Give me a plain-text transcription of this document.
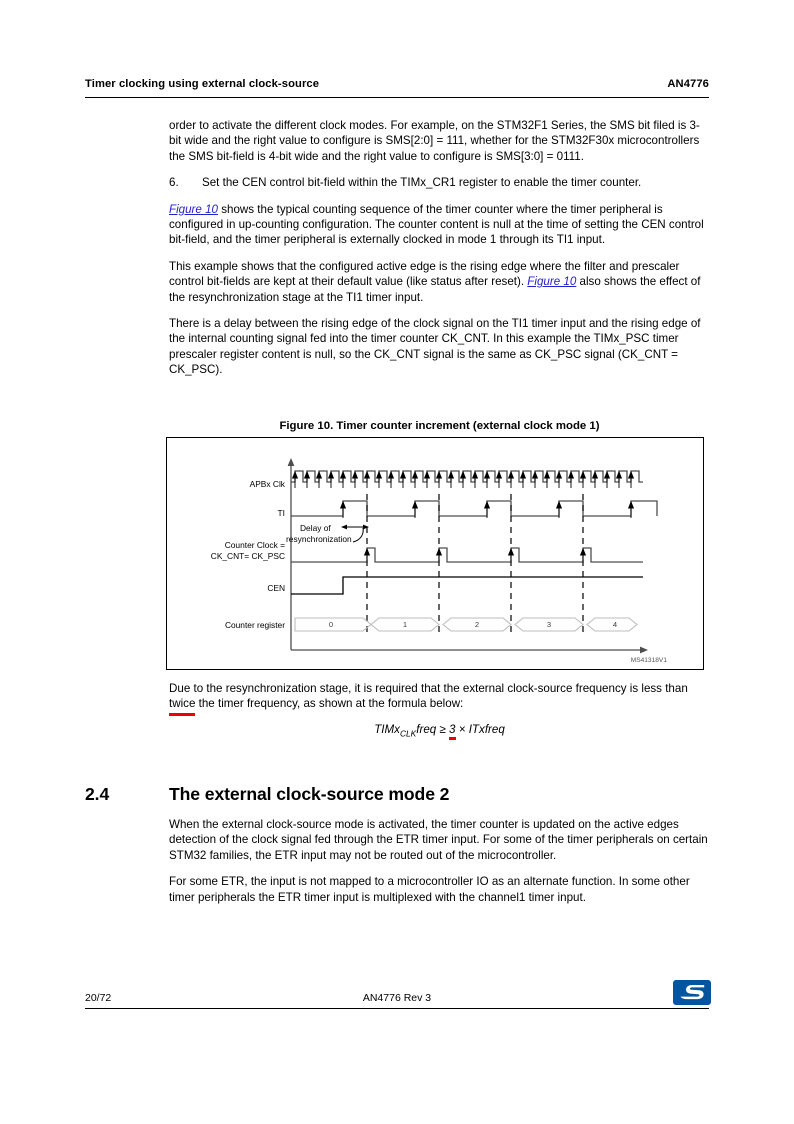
Timer clocking using external clock-source	AN4776

order to activate the different clock modes. For example, on the STM32F1 Series, the SMS bit filed is 3-bit wide and the right value to configure is SMS[2:0] = 111, whether for the STM32F30x microcontrollers the SMS bit-field is 4-bit wide and the right value to configure is SMS[3:0] = 0111.

6.	Set the CEN control bit-field within the TIMx_CR1 register to enable the timer counter.

Figure 10 shows the typical counting sequence of the timer counter where the timer peripheral is configured in up-counting configuration. The counter content is null at the time of setting the CEN control bit-field, and the timer peripheral is externally clocked in mode 1 through its TI1 input.

This example shows that the configured active edge is the rising edge where the filter and prescaler control bit-fields are kept at their default value (like status after reset). Figure 10 also shows the effect of the resynchronization stage at the TI1 timer input.

There is a delay between the rising edge of the clock signal on the TI1 timer input and the rising edge of the internal counting signal fed into the timer counter CK_CNT. In this example the TIMx_PSC timer prescaler register content is null, so the CK_CNT signal is the same as CK_PSC signal (CK_CNT = CK_PSC).

Figure 10. Timer counter increment (external clock mode 1)
APBx Clk
TI
Counter Clock =
CK_CNT= CK_PSC
CEN
Counter register
Delay of
resynchronization
0	1	2	3	4
MS41318V1

Due to the resynchronization stage, it is required that the external clock-source frequency is less than twice the timer frequency, as shown at the formula below:

TIMx$_{CLK}$freq ≥ 3 × ITxfreq
2.4	The external clock-source mode 2

When the external clock-source mode is activated, the timer counter is updated on the active edges detection of the clock signal fed through the ETR timer input. For some of the timer peripherals on certain STM32 families, the ETR input may not be routed out of the microcontroller.

For some ETR, the input is not mapped to a microcontroller IO as an alternate function. In some other timer peripherals the ETR timer input is multiplexed with the channel1 timer input.

20/72	AN4776 Rev 3
